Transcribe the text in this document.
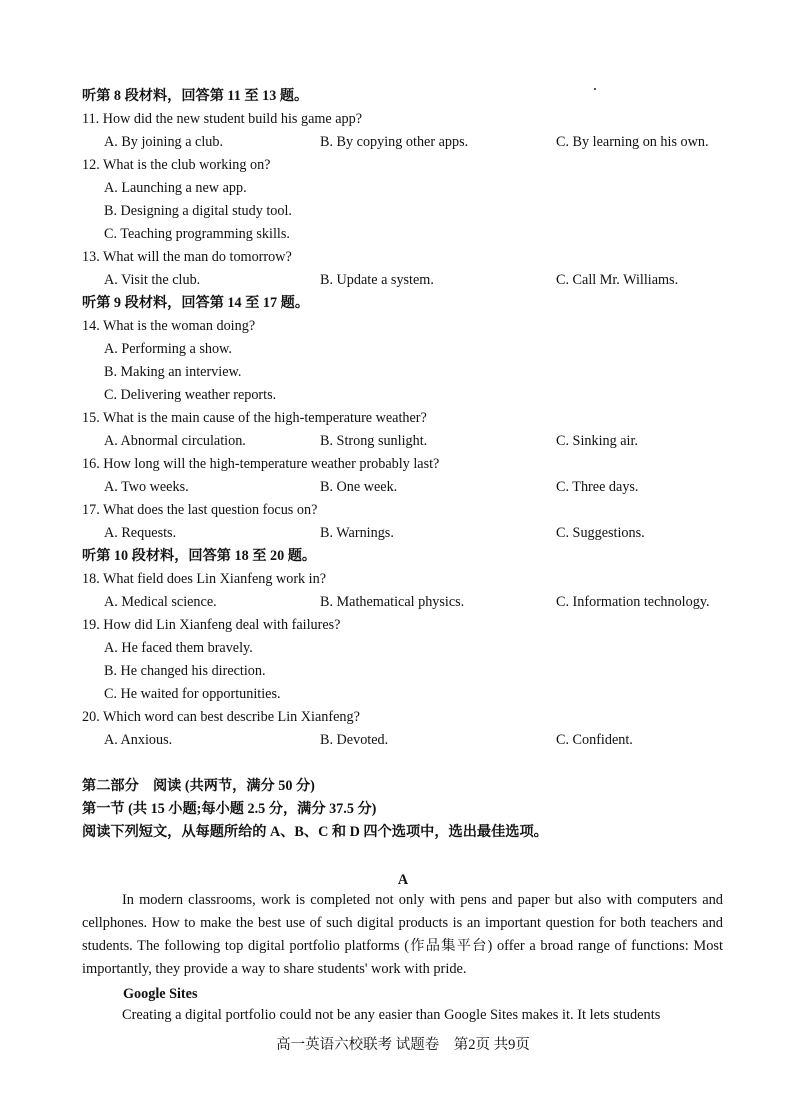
听第 8 段材料，回答第 11 至 13 题。
11. How did the new student build his game app?
A. By joining a club.	B. By copying other apps.	C. By learning on his own.
12. What is the club working on?
A. Launching a new app.
B. Designing a digital study tool.
C. Teaching programming skills.
13. What will the man do tomorrow?
A. Visit the club.	B. Update a system.	C. Call Mr. Williams.
听第 9 段材料，回答第 14 至 17 题。
14. What is the woman doing?
A. Performing a show.
B. Making an interview.
C. Delivering weather reports.
15. What is the main cause of the high-temperature weather?
A. Abnormal circulation.	B. Strong sunlight.	C. Sinking air.
16. How long will the high-temperature weather probably last?
A. Two weeks.	B. One week.	C. Three days.
17. What does the last question focus on?
A. Requests.	B. Warnings.	C. Suggestions.
听第 10 段材料，回答第 18 至 20 题。
18. What field does Lin Xianfeng work in?
A. Medical science.	B. Mathematical physics.	C. Information technology.
19. How did Lin Xianfeng deal with failures?
A. He faced them bravely.
B. He changed his direction.
C. He waited for opportunities.
20. Which word can best describe Lin Xianfeng?
A. Anxious.	B. Devoted.	C. Confident.
第二部分　阅读 (共两节，满分 50 分)
第一节 (共 15 小题;每小题 2.5 分，满分 37.5 分)
阅读下列短文，从每题所给的 A、B、C 和 D 四个选项中，选出最佳选项。
A
In modern classrooms, work is completed not only with pens and paper but also with computers and cellphones. How to make the best use of such digital products is an important question for both teachers and students. The following top digital portfolio platforms (作品集平台) offer a broad range of functions: Most importantly, they provide a way to share students' work with pride.
Google Sites
Creating a digital portfolio could not be any easier than Google Sites makes it. It lets students
高一英语六校联考 试题卷　第2页 共9页
